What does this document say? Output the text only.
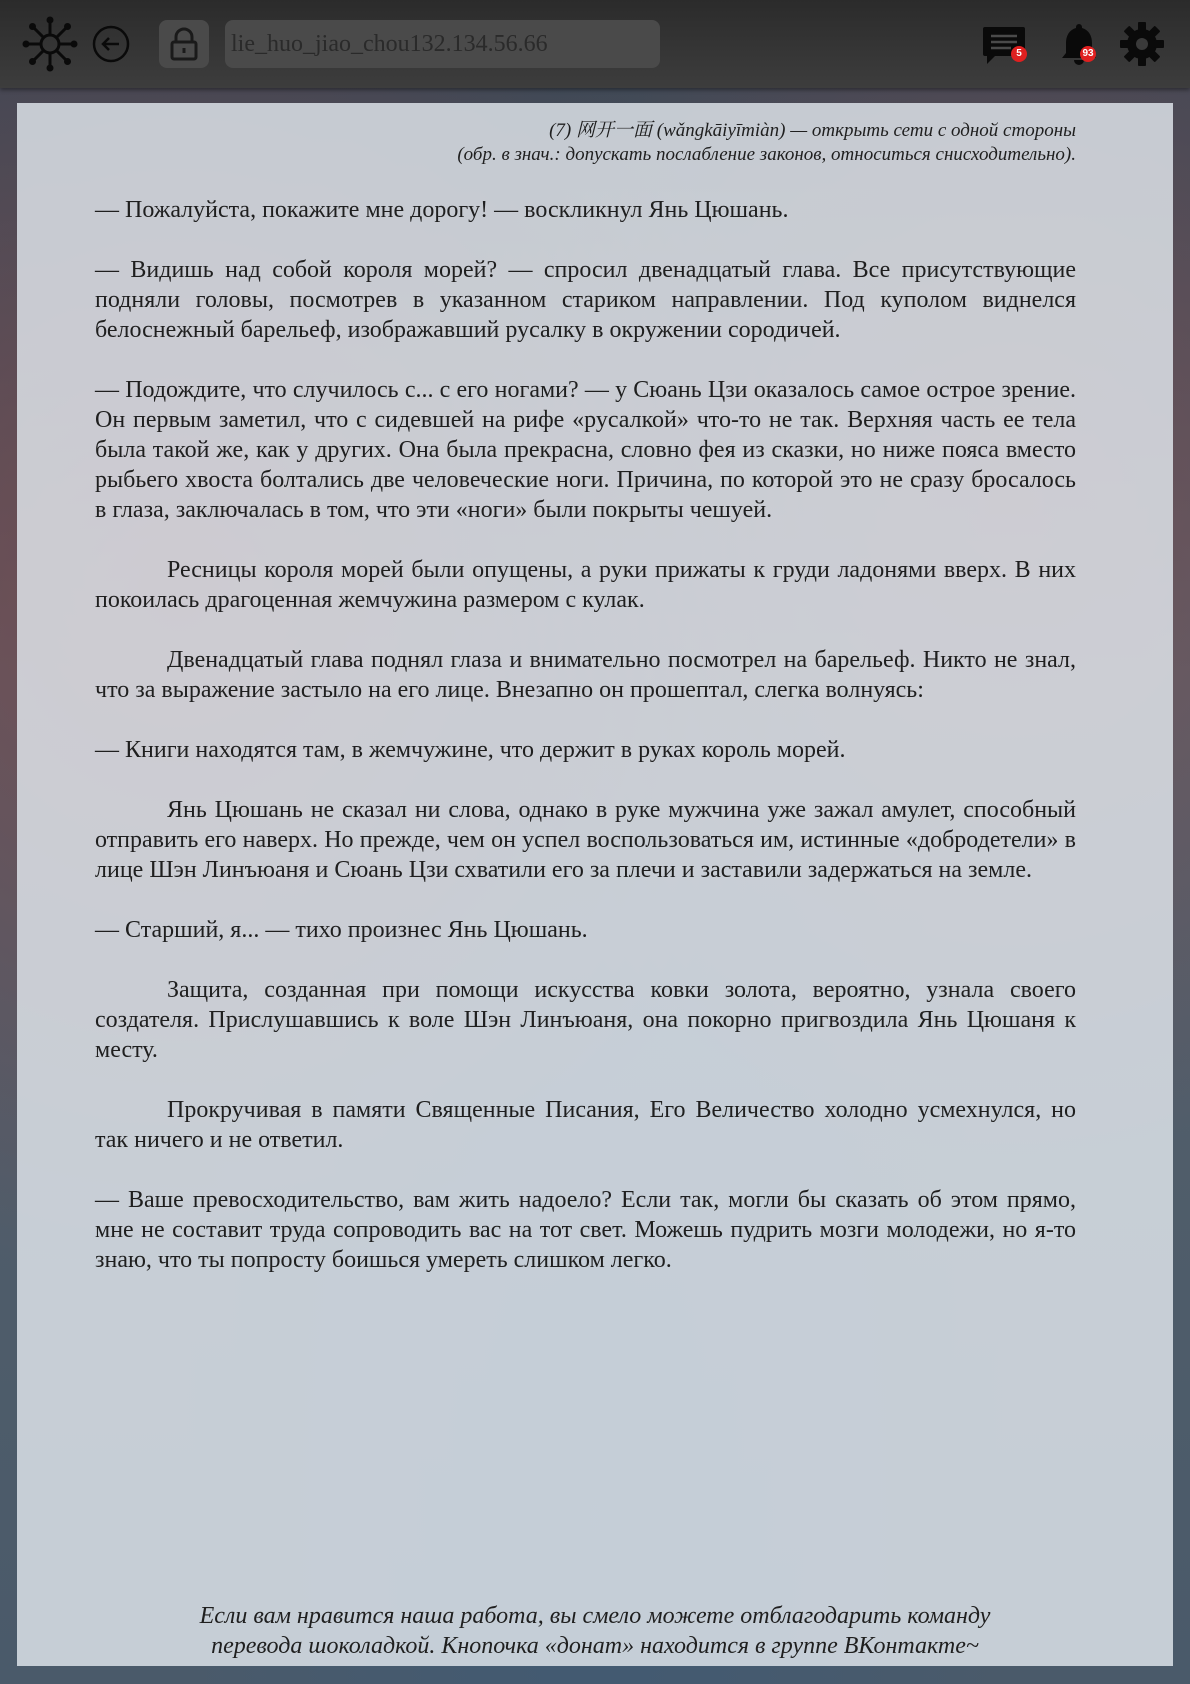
lie_huo_jiao_chou132.134.56.66	5	93
(7) 网开一面 (wǎngkāiyīmiàn) — открыть сети с одной стороны
(обр. в знач.: допускать послабление законов, относиться снисходительно).

— Пожалуйста, покажите мне дорогу! — воскликнул Янь Цюшань.

— Видишь над собой короля морей? — спросил двенадцатый глава. Все присутствующие подняли головы, посмотрев в указанном стариком направлении. Под куполом виднелся белоснежный барельеф, изображавший русалку в окружении сородичей.

— Подождите, что случилось с... с его ногами? — у Сюань Цзи оказалось самое острое зрение. Он первым заметил, что с сидевшей на рифе «русалкой» что-то не так. Верхняя часть ее тела была такой же, как у других. Она была прекрасна, словно фея из сказки, но ниже пояса вместо рыбьего хвоста болтались две человеческие ноги. Причина, по которой это не сразу бросалось в глаза, заключалась в том, что эти «ноги» были покрыты чешуей.

Ресницы короля морей были опущены, а руки прижаты к груди ладонями вверх. В них покоилась драгоценная жемчужина размером с кулак.

Двенадцатый глава поднял глаза и внимательно посмотрел на барельеф. Никто не знал, что за выражение застыло на его лице. Внезапно он прошептал, слегка волнуясь:

— Книги находятся там, в жемчужине, что держит в руках король морей.

Янь Цюшань не сказал ни слова, однако в руке мужчина уже зажал амулет, способный отправить его наверх. Но прежде, чем он успел воспользоваться им, истинные «добродетели» в лице Шэн Линъюаня и Сюань Цзи схватили его за плечи и заставили задержаться на земле.

— Старший, я... — тихо произнес Янь Цюшань.

Защита, созданная при помощи искусства ковки золота, вероятно, узнала своего создателя. Прислушавшись к воле Шэн Линъюаня, она покорно пригвоздила Янь Цюшаня к месту.

Прокручивая в памяти Священные Писания, Его Величество холодно усмехнулся, но так ничего и не ответил.

— Ваше превосходительство, вам жить надоело? Если так, могли бы сказать об этом прямо, мне не составит труда сопроводить вас на тот свет. Можешь пудрить мозги молодежи, но я-то знаю, что ты попросту боишься умереть слишком легко.

Если вам нравится наша работа, вы смело можете отблагодарить команду
перевода шоколадкой. Кнопочка «донат» находится в группе ВКонтакте~
